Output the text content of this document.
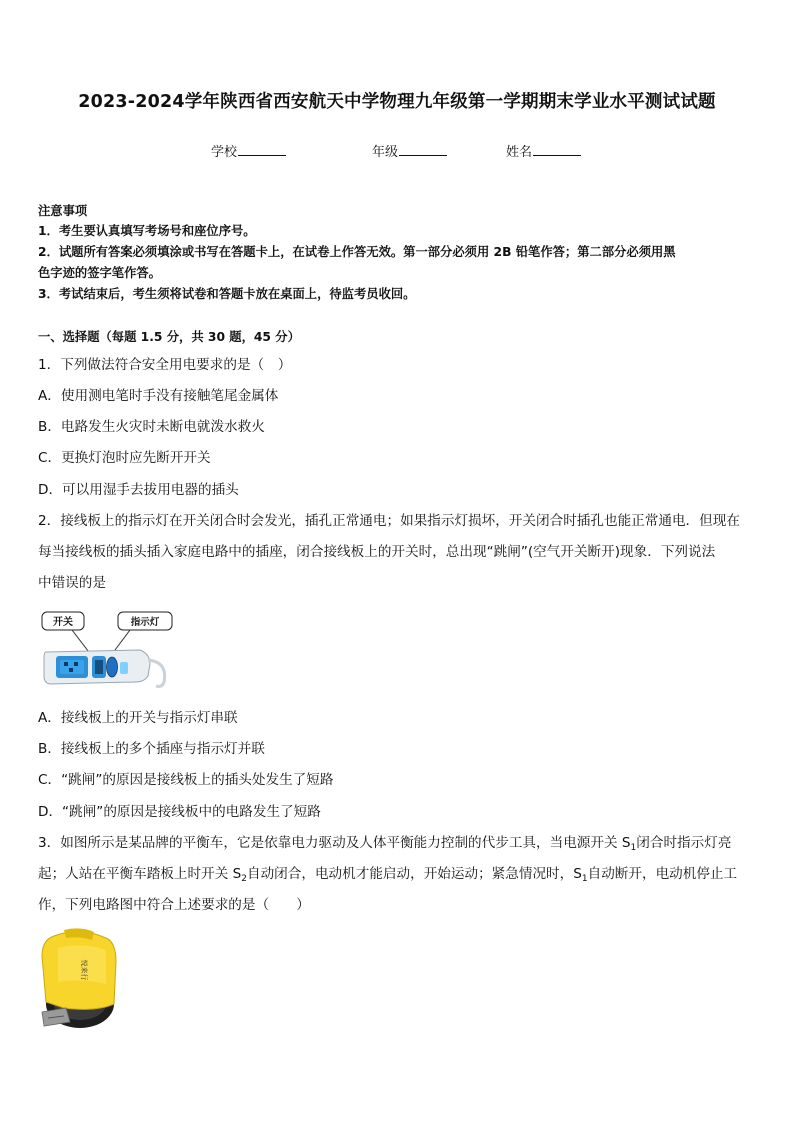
2023-2024学年陕西省西安航天中学物理九年级第一学期期末学业水平测试试题
学校	年级	姓名
注意事项
1．考生要认真填写考场号和座位序号。
2．试题所有答案必须填涂或书写在答题卡上，在试卷上作答无效。第一部分必须用 2B 铅笔作答；第二部分必须用黑
色字迹的签字笔作答。
3．考试结束后，考生须将试卷和答题卡放在桌面上，待监考员收回。
一、选择题（每题 1.5 分，共 30 题，45 分）
1．下列做法符合安全用电要求的是（　）
A．使用测电笔时手没有接触笔尾金属体
B．电路发生火灾时未断电就泼水救火
C．更换灯泡时应先断开开关
D．可以用湿手去拔用电器的插头
2．接线板上的指示灯在开关闭合时会发光，插孔正常通电；如果指示灯损坏，开关闭合时插孔也能正常通电．但现在
每当接线板的插头插入家庭电路中的插座，闭合接线板上的开关时，总出现“跳闸”(空气开关断开)现象．下列说法
中错误的是
开关	指示灯
A．接线板上的开关与指示灯串联
B．接线板上的多个插座与指示灯并联
C．“跳闸”的原因是接线板上的插头处发生了短路
D．“跳闸”的原因是接线板中的电路发生了短路
3．如图所示是某品牌的平衡车，它是依靠电力驱动及人体平衡能力控制的代步工具，当电源开关 $S_1$闭合时指示灯亮
起；人站在平衡车踏板上时开关 $S_2$自动闭合，电动机才能启动，开始运动；紧急情况时，$S_1$自动断开，电动机停止工
作，下列电路图中符合上述要求的是（　　）
悦来行
